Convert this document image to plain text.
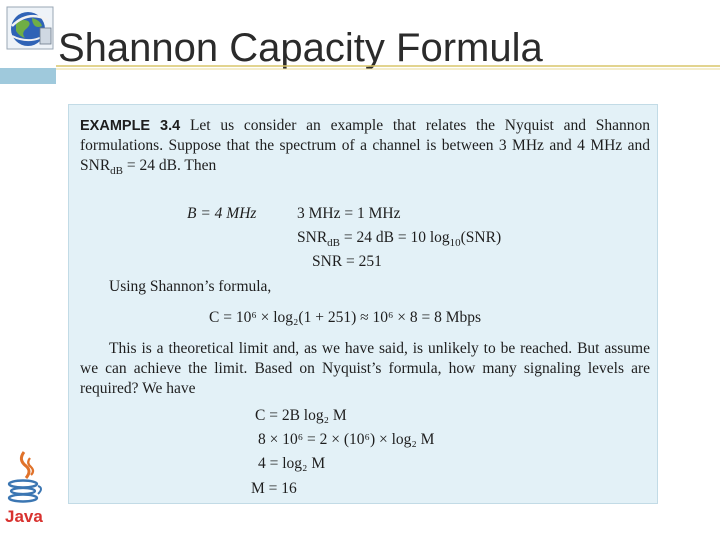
Shannon Capacity Formula

EXAMPLE 3.4 Let us consider an example that relates the Nyquist and Shannon formulations. Suppose that the spectrum of a channel is between 3 MHz and 4 MHz and $SNR_{dB} = 24$ dB. Then

B = 4 MHz	3 MHz = 1 MHz
$SNR_{dB} = 24$ dB = 10 $\log_{10}(SNR)$
SNR = 251
Using Shannon’s formula,
C = 10⁶ × log₂(1 + 251) ≈ 10⁶ × 8 = 8 Mbps

This is a theoretical limit and, as we have said, is unlikely to be reached. But assume we can achieve the limit. Based on Nyquist’s formula, how many signaling levels are required? We have

C = 2B log₂ M
8 × 10⁶ = 2 × (10⁶) × log₂ M
4 = log₂ M
M = 16
Java
